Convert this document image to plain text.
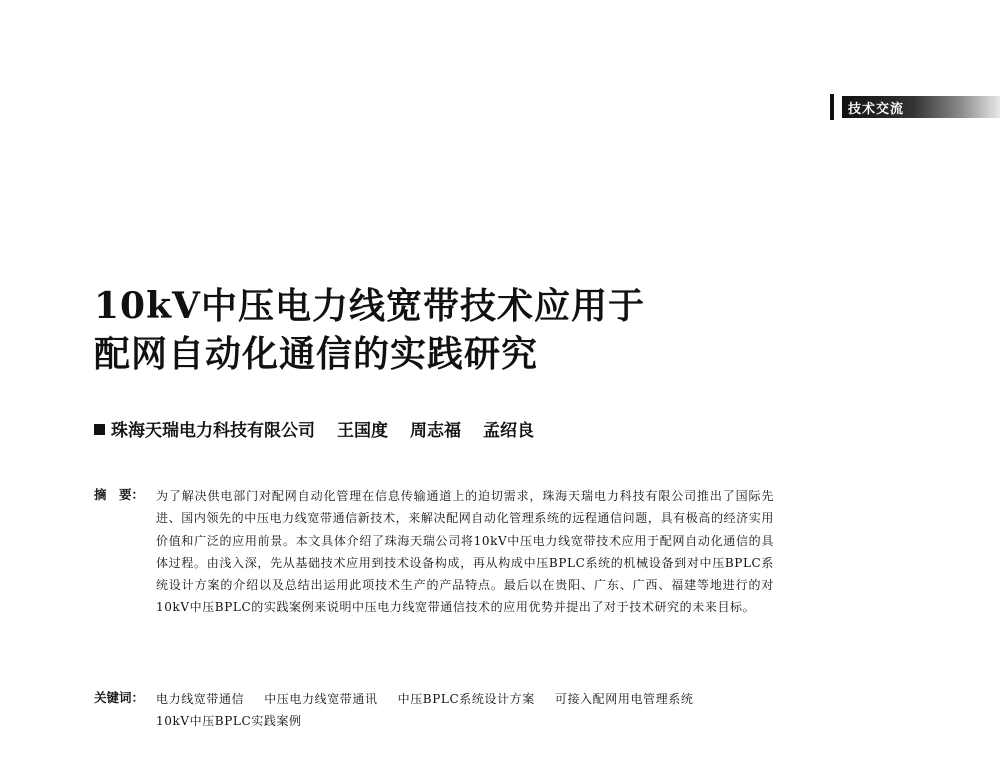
技术交流
10kV中压电力线宽带技术应用于
配网自动化通信的实践研究
珠海天瑞电力科技有限公司 王国度 周志福 孟绍良
摘　要： 为了解决供电部门对配网自动化管理在信息传输通道上的迫切需求，珠海天瑞电力科技有限公司推出了国际先进、国内领先的中压电力线宽带通信新技术，来解决配网自动化管理系统的远程通信问题，具有极高的经济实用价值和广泛的应用前景。本文具体介绍了珠海天瑞公司将10kV中压电力线宽带技术应用于配网自动化通信的具体过程。由浅入深，先从基础技术应用到技术设备构成，再从构成中压BPLC系统的机械设备到对中压BPLC系统设计方案的介绍以及总结出运用此项技术生产的产品特点。最后以在贵阳、广东、广西、福建等地进行的对10kV中压BPLC的实践案例来说明中压电力线宽带通信技术的应用优势并提出了对于技术研究的未来目标。
关键词： 电力线宽带通信 中压电力线宽带通讯 中压BPLC系统设计方案 可接入配网用电管理系统
10kV中压BPLC实践案例
